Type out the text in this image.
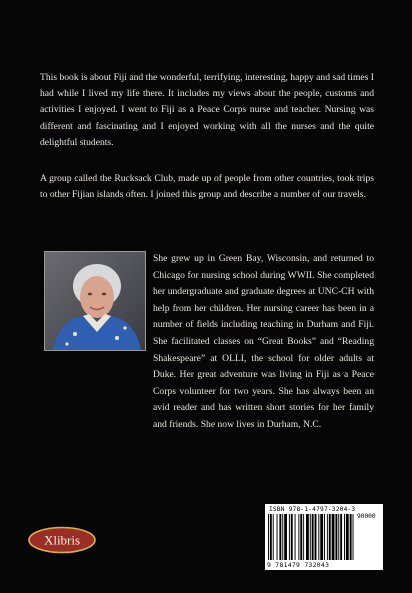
This book is about Fiji and the wonderful, terrifying, interesting, happy and sad times I had while I lived my life there. It includes my views about the people, customs and activities I enjoyed. I went to Fiji as a Peace Corps nurse and teacher. Nursing was different and fascinating and I enjoyed working with all the nurses and the quite delightful students.

A group called the Rucksack Club, made up of people from other countries, took trips to other Fijian islands often. I joined this group and describe a number of our travels.

She grew up in Green Bay, Wisconsin, and returned to Chicago for nursing school during WWII. She completed her undergraduate and graduate degrees at UNC-CH with help from her children. Her nursing career has been in a number of fields including teaching in Durham and Fiji. She facilitated classes on “Great Books” and “Reading Shakespeare” at OLLI, the school for older adults at Duke. Her great adventure was living in Fiji as a Peace Corps volunteer for two years. She has always been an avid reader and has written short stories for her family and friends. She now lives in Durham, N.C.

Xlibris
ISBN 978-1-4797-3204-3
90000
9 781479 732043
